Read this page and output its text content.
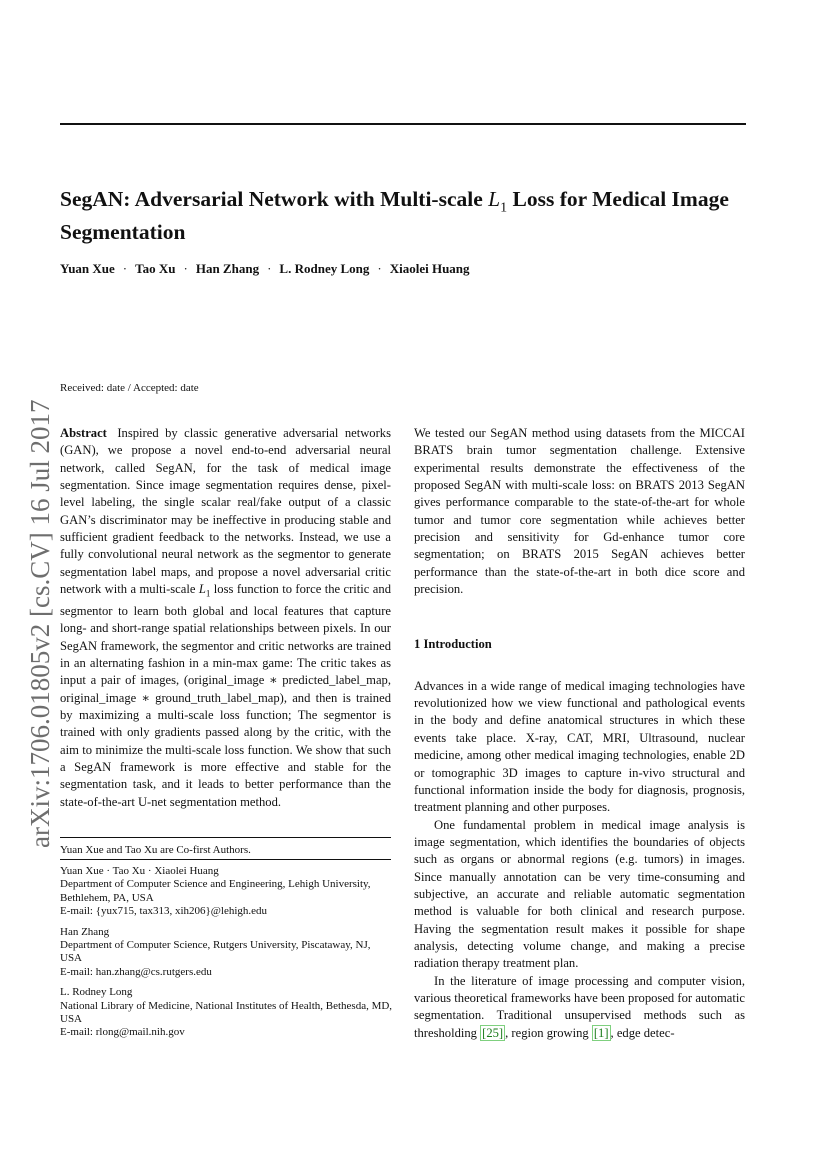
arXiv:1706.01805v2 [cs.CV] 16 Jul 2017
SegAN: Adversarial Network with Multi-scale $L_1$ Loss for Medical Image Segmentation
Yuan Xue · Tao Xu · Han Zhang · L. Rodney Long · Xiaolei Huang
Received: date / Accepted: date

Abstract Inspired by classic generative adversarial networks (GAN), we propose a novel end-to-end adversarial neural network, called SegAN, for the task of medical image segmentation. Since image segmentation requires dense, pixel-level labeling, the single scalar real/fake output of a classic GAN’s discriminator may be ineffective in producing stable and sufficient gradient feedback to the networks. Instead, we use a fully convolutional neural network as the segmentor to generate segmentation label maps, and propose a novel adversarial critic network with a multi-scale $L_1$ loss function to force the critic and segmentor to learn both global and local features that capture long- and short-range spatial relationships between pixels. In our SegAN framework, the segmentor and critic networks are trained in an alternating fashion in a min-max game: The critic takes as input a pair of images, (original_image ∗ predicted_label_map, original_image ∗ ground_truth_label_map), and then is trained by maximizing a multi-scale loss function; The segmentor is trained with only gradients passed along by the critic, with the aim to minimize the multi-scale loss function. We show that such a SegAN framework is more effective and stable for the segmentation task, and it leads to better performance than the state-of-the-art U-net segmentation method.

Yuan Xue and Tao Xu are Co-first Authors.
Yuan Xue · Tao Xu · Xiaolei Huang
Department of Computer Science and Engineering, Lehigh University, Bethlehem, PA, USA
E-mail: {yux715, tax313, xih206}@lehigh.edu
Han Zhang
Department of Computer Science, Rutgers University, Piscataway, NJ, USA
E-mail: han.zhang@cs.rutgers.edu
L. Rodney Long
National Library of Medicine, National Institutes of Health, Bethesda, MD, USA
E-mail: rlong@mail.nih.gov

We tested our SegAN method using datasets from the MICCAI BRATS brain tumor segmentation challenge. Extensive experimental results demonstrate the effectiveness of the proposed SegAN with multi-scale loss: on BRATS 2013 SegAN gives performance comparable to the state-of-the-art for whole tumor and tumor core segmentation while achieves better precision and sensitivity for Gd-enhance tumor core segmentation; on BRATS 2015 SegAN achieves better performance than the state-of-the-art in both dice score and precision.

1 Introduction

Advances in a wide range of medical imaging technologies have revolutionized how we view functional and pathological events in the body and define anatomical structures in which these events take place. X-ray, CAT, MRI, Ultrasound, nuclear medicine, among other medical imaging technologies, enable 2D or tomographic 3D images to capture in-vivo structural and functional information inside the body for diagnosis, prognosis, treatment planning and other purposes.

One fundamental problem in medical image analysis is image segmentation, which identifies the boundaries of objects such as organs or abnormal regions (e.g. tumors) in images. Since manually annotation can be very time-consuming and subjective, an accurate and reliable automatic segmentation method is valuable for both clinical and research purpose. Having the segmentation result makes it possible for shape analysis, detecting volume change, and making a precise radiation therapy treatment plan.

In the literature of image processing and computer vision, various theoretical frameworks have been proposed for automatic segmentation. Traditional unsupervised methods such as thresholding [25] , region growing [1] , edge detec-
